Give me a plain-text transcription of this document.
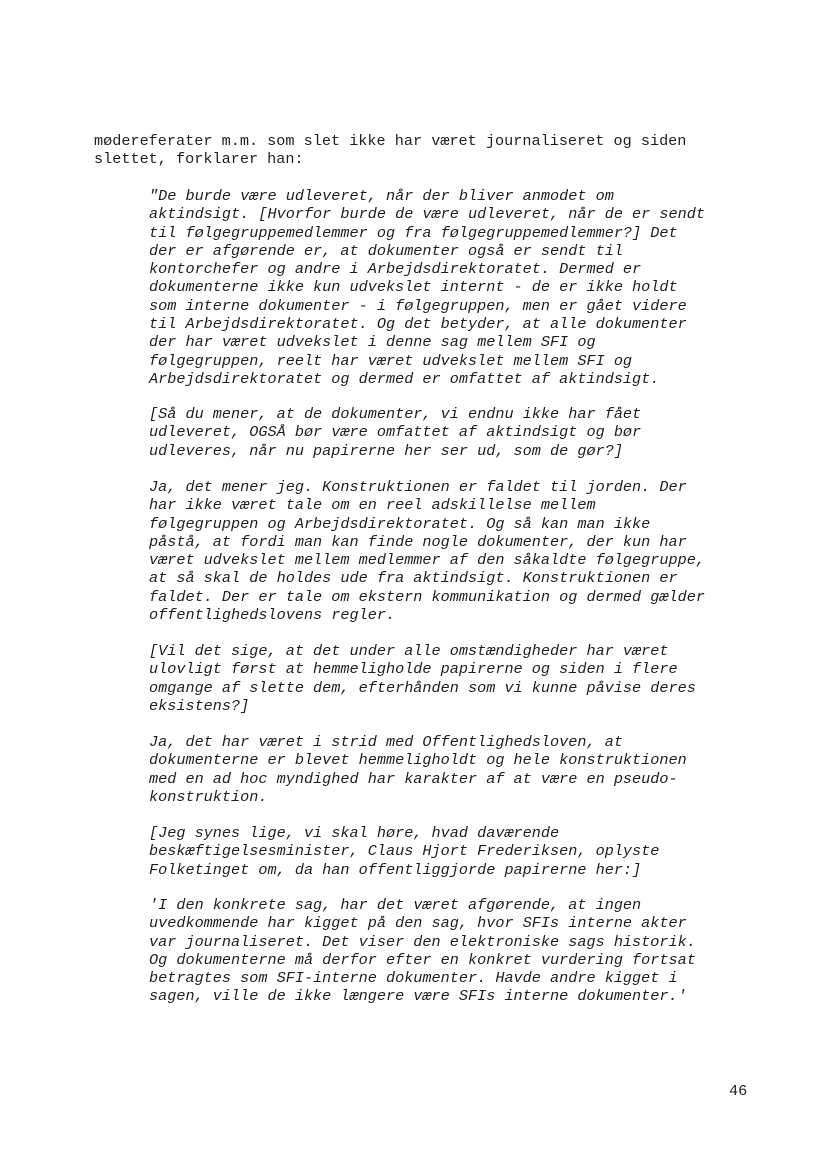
mødereferater m.m. som slet ikke har været journaliseret og siden
slettet, forklarer han:

"De burde være udleveret, når der bliver anmodet om
aktindsigt. [Hvorfor burde de være udleveret, når de er sendt
til følgegruppemedlemmer og fra følgegruppemedlemmer?] Det
der er afgørende er, at dokumenter også er sendt til
kontorchefer og andre i Arbejdsdirektoratet. Dermed er
dokumenterne ikke kun udvekslet internt - de er ikke holdt
som interne dokumenter - i følgegruppen, men er gået videre
til Arbejdsdirektoratet. Og det betyder, at alle dokumenter
der har været udvekslet i denne sag mellem SFI og
følgegruppen, reelt har været udvekslet mellem SFI og
Arbejdsdirektoratet og dermed er omfattet af aktindsigt.

[Så du mener, at de dokumenter, vi endnu ikke har fået
udleveret, OGSÅ bør være omfattet af aktindsigt og bør
udleveres, når nu papirerne her ser ud, som de gør?]

Ja, det mener jeg. Konstruktionen er faldet til jorden. Der
har ikke været tale om en reel adskillelse mellem
følgegruppen og Arbejdsdirektoratet. Og så kan man ikke
påstå, at fordi man kan finde nogle dokumenter, der kun har
været udvekslet mellem medlemmer af den såkaldte følgegruppe,
at så skal de holdes ude fra aktindsigt. Konstruktionen er
faldet. Der er tale om ekstern kommunikation og dermed gælder
offentlighedslovens regler.

[Vil det sige, at det under alle omstændigheder har været
ulovligt først at hemmeligholde papirerne og siden i flere
omgange af slette dem, efterhånden som vi kunne påvise deres
eksistens?]

Ja, det har været i strid med Offentlighedsloven, at
dokumenterne er blevet hemmeligholdt og hele konstruktionen
med en ad hoc myndighed har karakter af at være en pseudo-
konstruktion.

[Jeg synes lige, vi skal høre, hvad daværende
beskæftigelsesminister, Claus Hjort Frederiksen, oplyste
Folketinget om, da han offentliggjorde papirerne her:]

'I den konkrete sag, har det været afgørende, at ingen
uvedkommende har kigget på den sag, hvor SFIs interne akter
var journaliseret. Det viser den elektroniske sags historik.
Og dokumenterne må derfor efter en konkret vurdering fortsat
betragtes som SFI-interne dokumenter. Havde andre kigget i
sagen, ville de ikke længere være SFIs interne dokumenter.'

46
